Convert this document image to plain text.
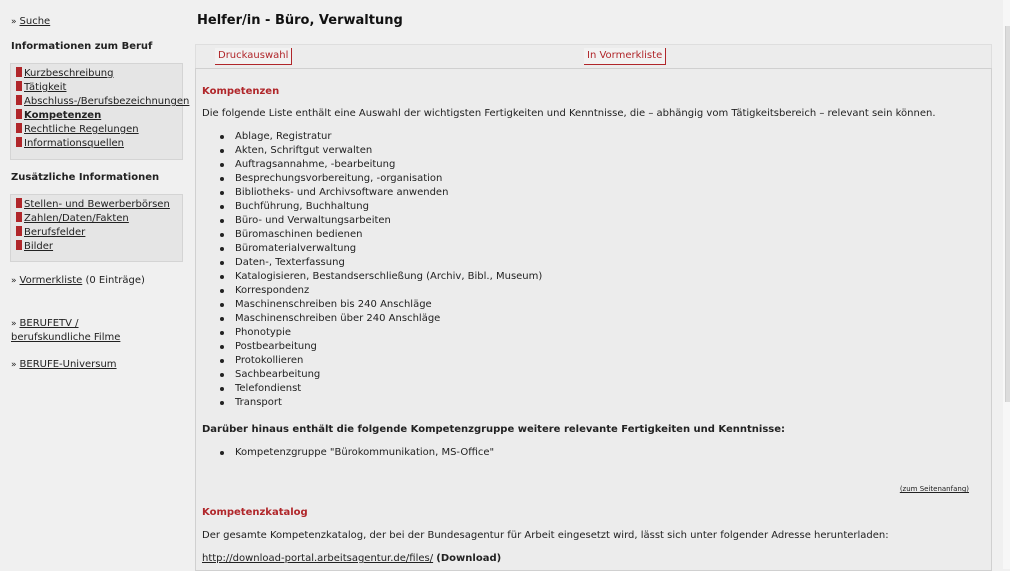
» Suche
Informationen zum Beruf
Kurzbeschreibung
Tätigkeit
Abschluss-/Berufsbezeichnungen
Kompetenzen
Rechtliche Regelungen
Informationsquellen
Zusätzliche Informationen
Stellen- und Bewerberbörsen
Zahlen/Daten/Fakten
Berufsfelder
Bilder
» Vormerkliste (0 Einträge)
» BERUFETV /
berufskundliche Filme
» BERUFE-Universum
Helfer/in - Büro, Verwaltung
Druckauswahl	In Vormerkliste
Kompetenzen
Die folgende Liste enthält eine Auswahl der wichtigsten Fertigkeiten und Kenntnisse, die – abhängig vom Tätigkeitsbereich – relevant sein können.
Ablage, Registratur
Akten, Schriftgut verwalten
Auftragsannahme, -bearbeitung
Besprechungsvorbereitung, -organisation
Bibliotheks- und Archivsoftware anwenden
Buchführung, Buchhaltung
Büro- und Verwaltungsarbeiten
Büromaschinen bedienen
Büromaterialverwaltung
Daten-, Texterfassung
Katalogisieren, Bestandserschließung (Archiv, Bibl., Museum)
Korrespondenz
Maschinenschreiben bis 240 Anschläge
Maschinenschreiben über 240 Anschläge
Phonotypie
Postbearbeitung
Protokollieren
Sachbearbeitung
Telefondienst
Transport
Darüber hinaus enthält die folgende Kompetenzgruppe weitere relevante Fertigkeiten und Kenntnisse:
Kompetenzgruppe "Bürokommunikation, MS-Office"
(zum Seitenanfang)
Kompetenzkatalog
Der gesamte Kompetenzkatalog, der bei der Bundesagentur für Arbeit eingesetzt wird, lässt sich unter folgender Adresse herunterladen:
http://download-portal.arbeitsagentur.de/files/ (Download)
